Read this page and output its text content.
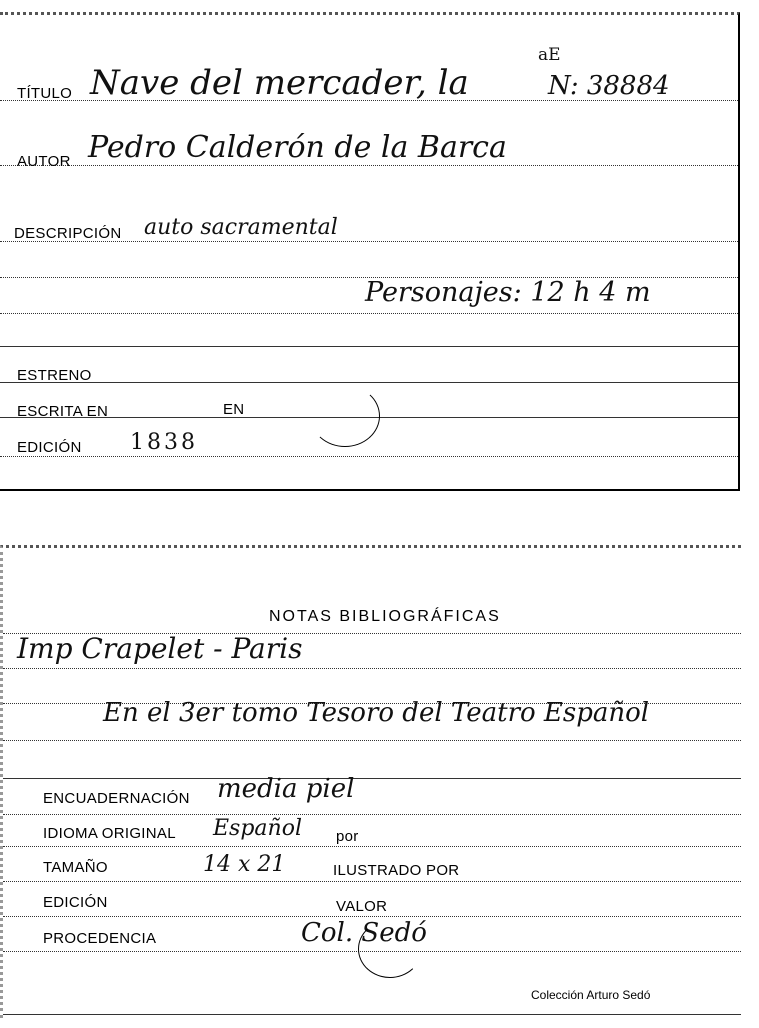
TÍTULO Nave del mercader, la
aE
N: 38884
AUTOR Pedro Calderón de la Barca
DESCRIPCIÓN auto sacramental
Personajes: 12 h 4 m
ESTRENO
ESCRITA EN	EN
EDICIÓN 1838
NOTAS BIBLIOGRÁFICAS
Imp Crapelet - Paris
En el 3er tomo Tesoro del Teatro Español
ENCUADERNACIÓN media piel
IDIOMA ORIGINAL Español por
TAMAÑO	14 x 21	ILUSTRADO POR
EDICIÓN	VALOR
PROCEDENCIA	Col. Sedó
Colección Arturo Sedó
